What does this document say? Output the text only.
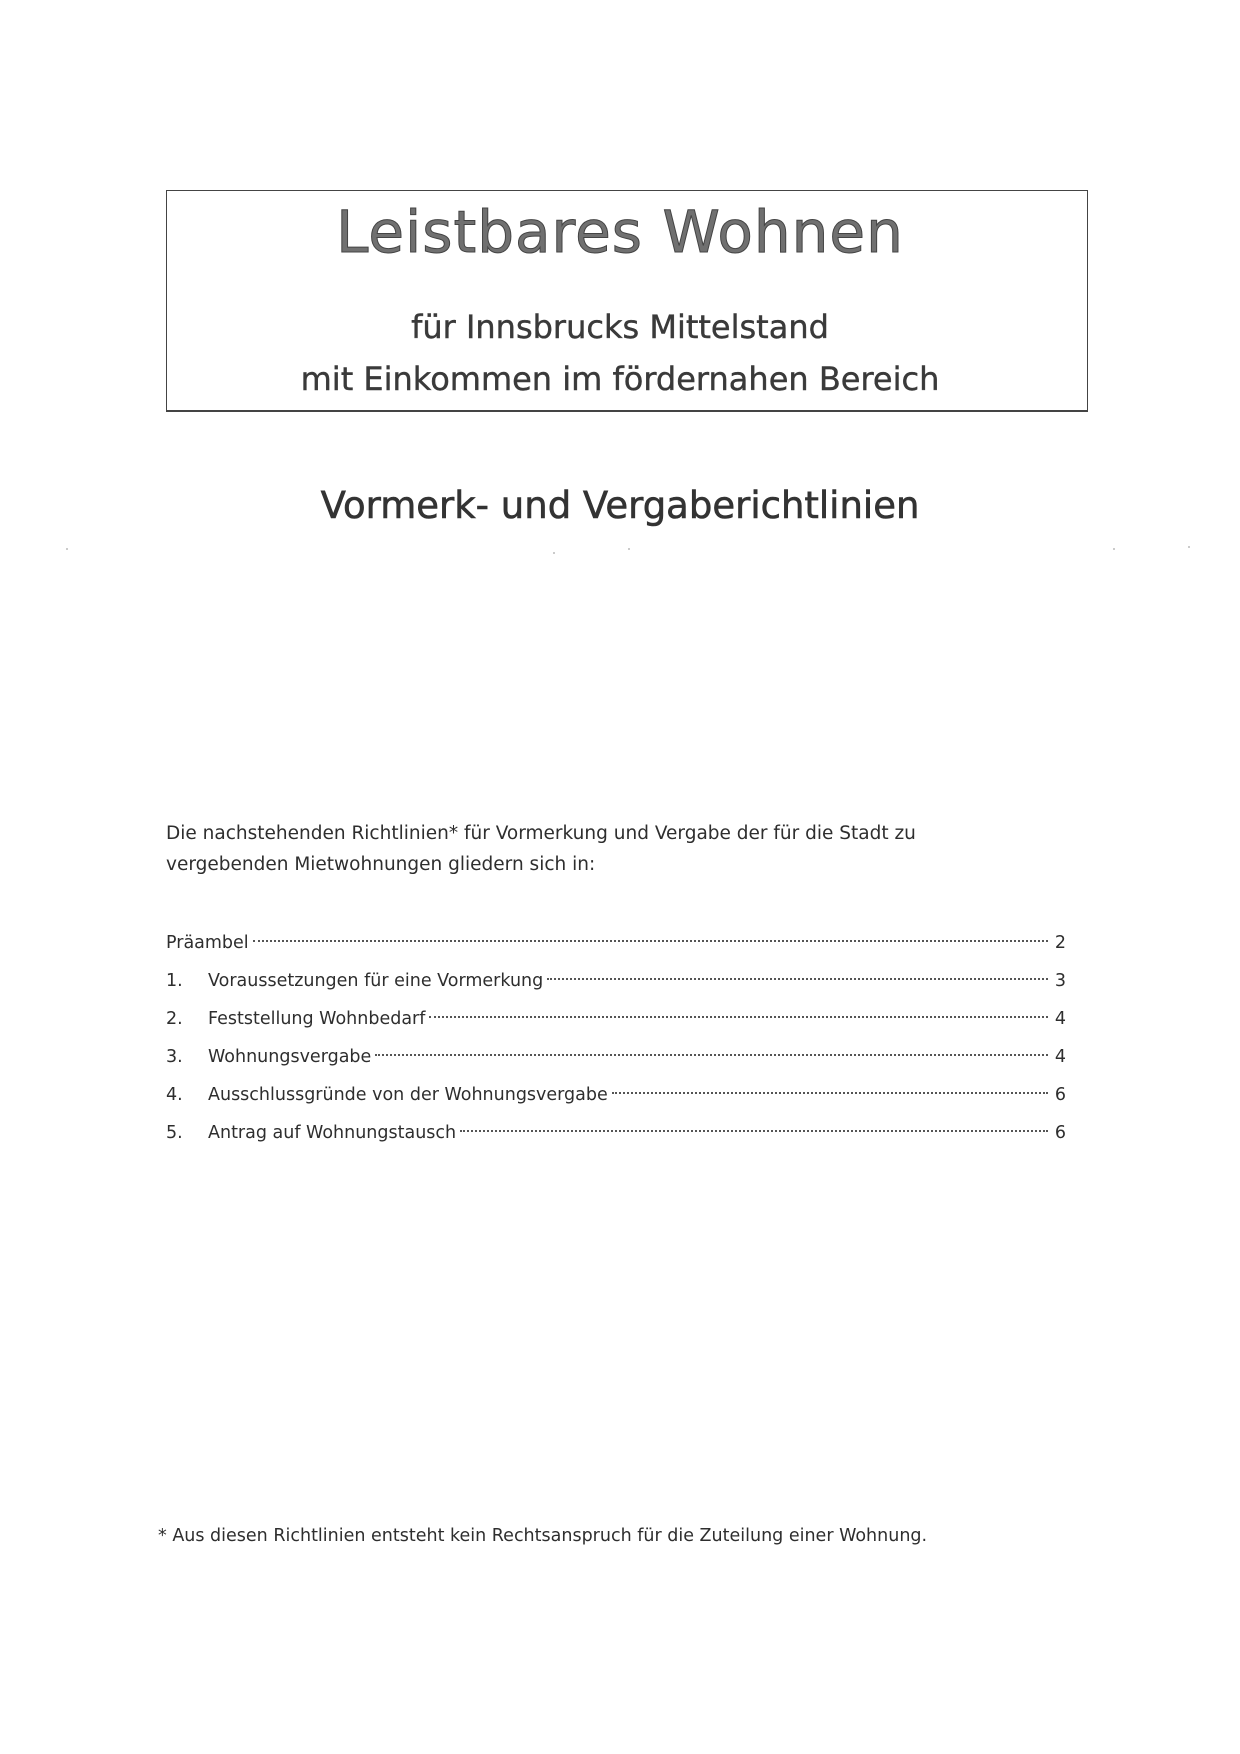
Leistbares Wohnen
für Innsbrucks Mittelstand
mit Einkommen im fördernahen Bereich
Vormerk- und Vergaberichtlinien
Die nachstehenden Richtlinien* für Vormerkung und Vergabe der für die Stadt zu
vergebenden Mietwohnungen gliedern sich in:
Präambel	2
1.	Voraussetzungen für eine Vormerkung	3
2.	Feststellung Wohnbedarf	4
3.	Wohnungsvergabe	4
4.	Ausschlussgründe von der Wohnungsvergabe	6
5.	Antrag auf Wohnungstausch	6
* Aus diesen Richtlinien entsteht kein Rechtsanspruch für die Zuteilung einer Wohnung.
